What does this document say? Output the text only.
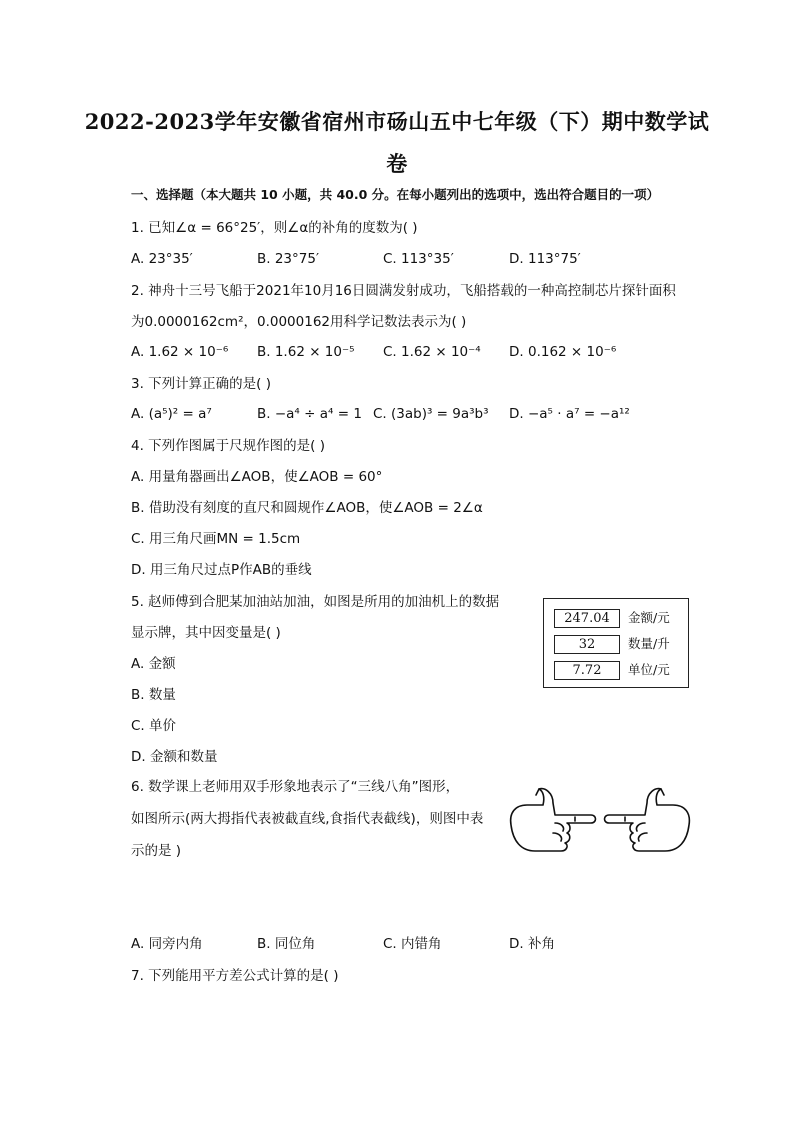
2022-2023学年安徽省宿州市砀山五中七年级（下）期中数学试
卷
一、选择题（本大题共 10 小题，共 40.0 分。在每小题列出的选项中，选出符合题目的一项）
1. 已知∠α = 66°25′，则∠α的补角的度数为( )
A. 23°35′	B. 23°75′	C. 113°35′	D. 113°75′
2. 神舟十三号飞船于2021年10月16日圆满发射成功，飞船搭载的一种高控制芯片探针面积
为0.0000162cm²，0.0000162用科学记数法表示为( )
A. 1.62 × 10⁻⁶ B. 1.62 × 10⁻⁵ C. 1.62 × 10⁻⁴ D. 0.162 × 10⁻⁶
3. 下列计算正确的是( )
A. (a⁵)² = a⁷	B. −a⁴ ÷ a⁴ = 1 C. (3ab)³ = 9a³b³ D. −a⁵ · a⁷ = −a¹²
4. 下列作图属于尺规作图的是( )
A. 用量角器画出∠AOB，使∠AOB = 60°
B. 借助没有刻度的直尺和圆规作∠AOB，使∠AOB = 2∠α
C. 用三角尺画MN = 1.5cm
D. 用三角尺过点P作AB的垂线
5. 赵师傅到合肥某加油站加油，如图是所用的加油机上的数据
显示牌，其中因变量是( )
A. 金额
B. 数量
C. 单价
D. 金额和数量
247.04	金额/元
32	数量/升
7.72	单位/元
6. 数学课上老师用双手形象地表示了“三线八角”图形，
如图所示(两大拇指代表被截直线,食指代表截线)，则图中表
示的是 )
A. 同旁内角	B. 同位角	C. 内错角	D. 补角
7. 下列能用平方差公式计算的是( )
